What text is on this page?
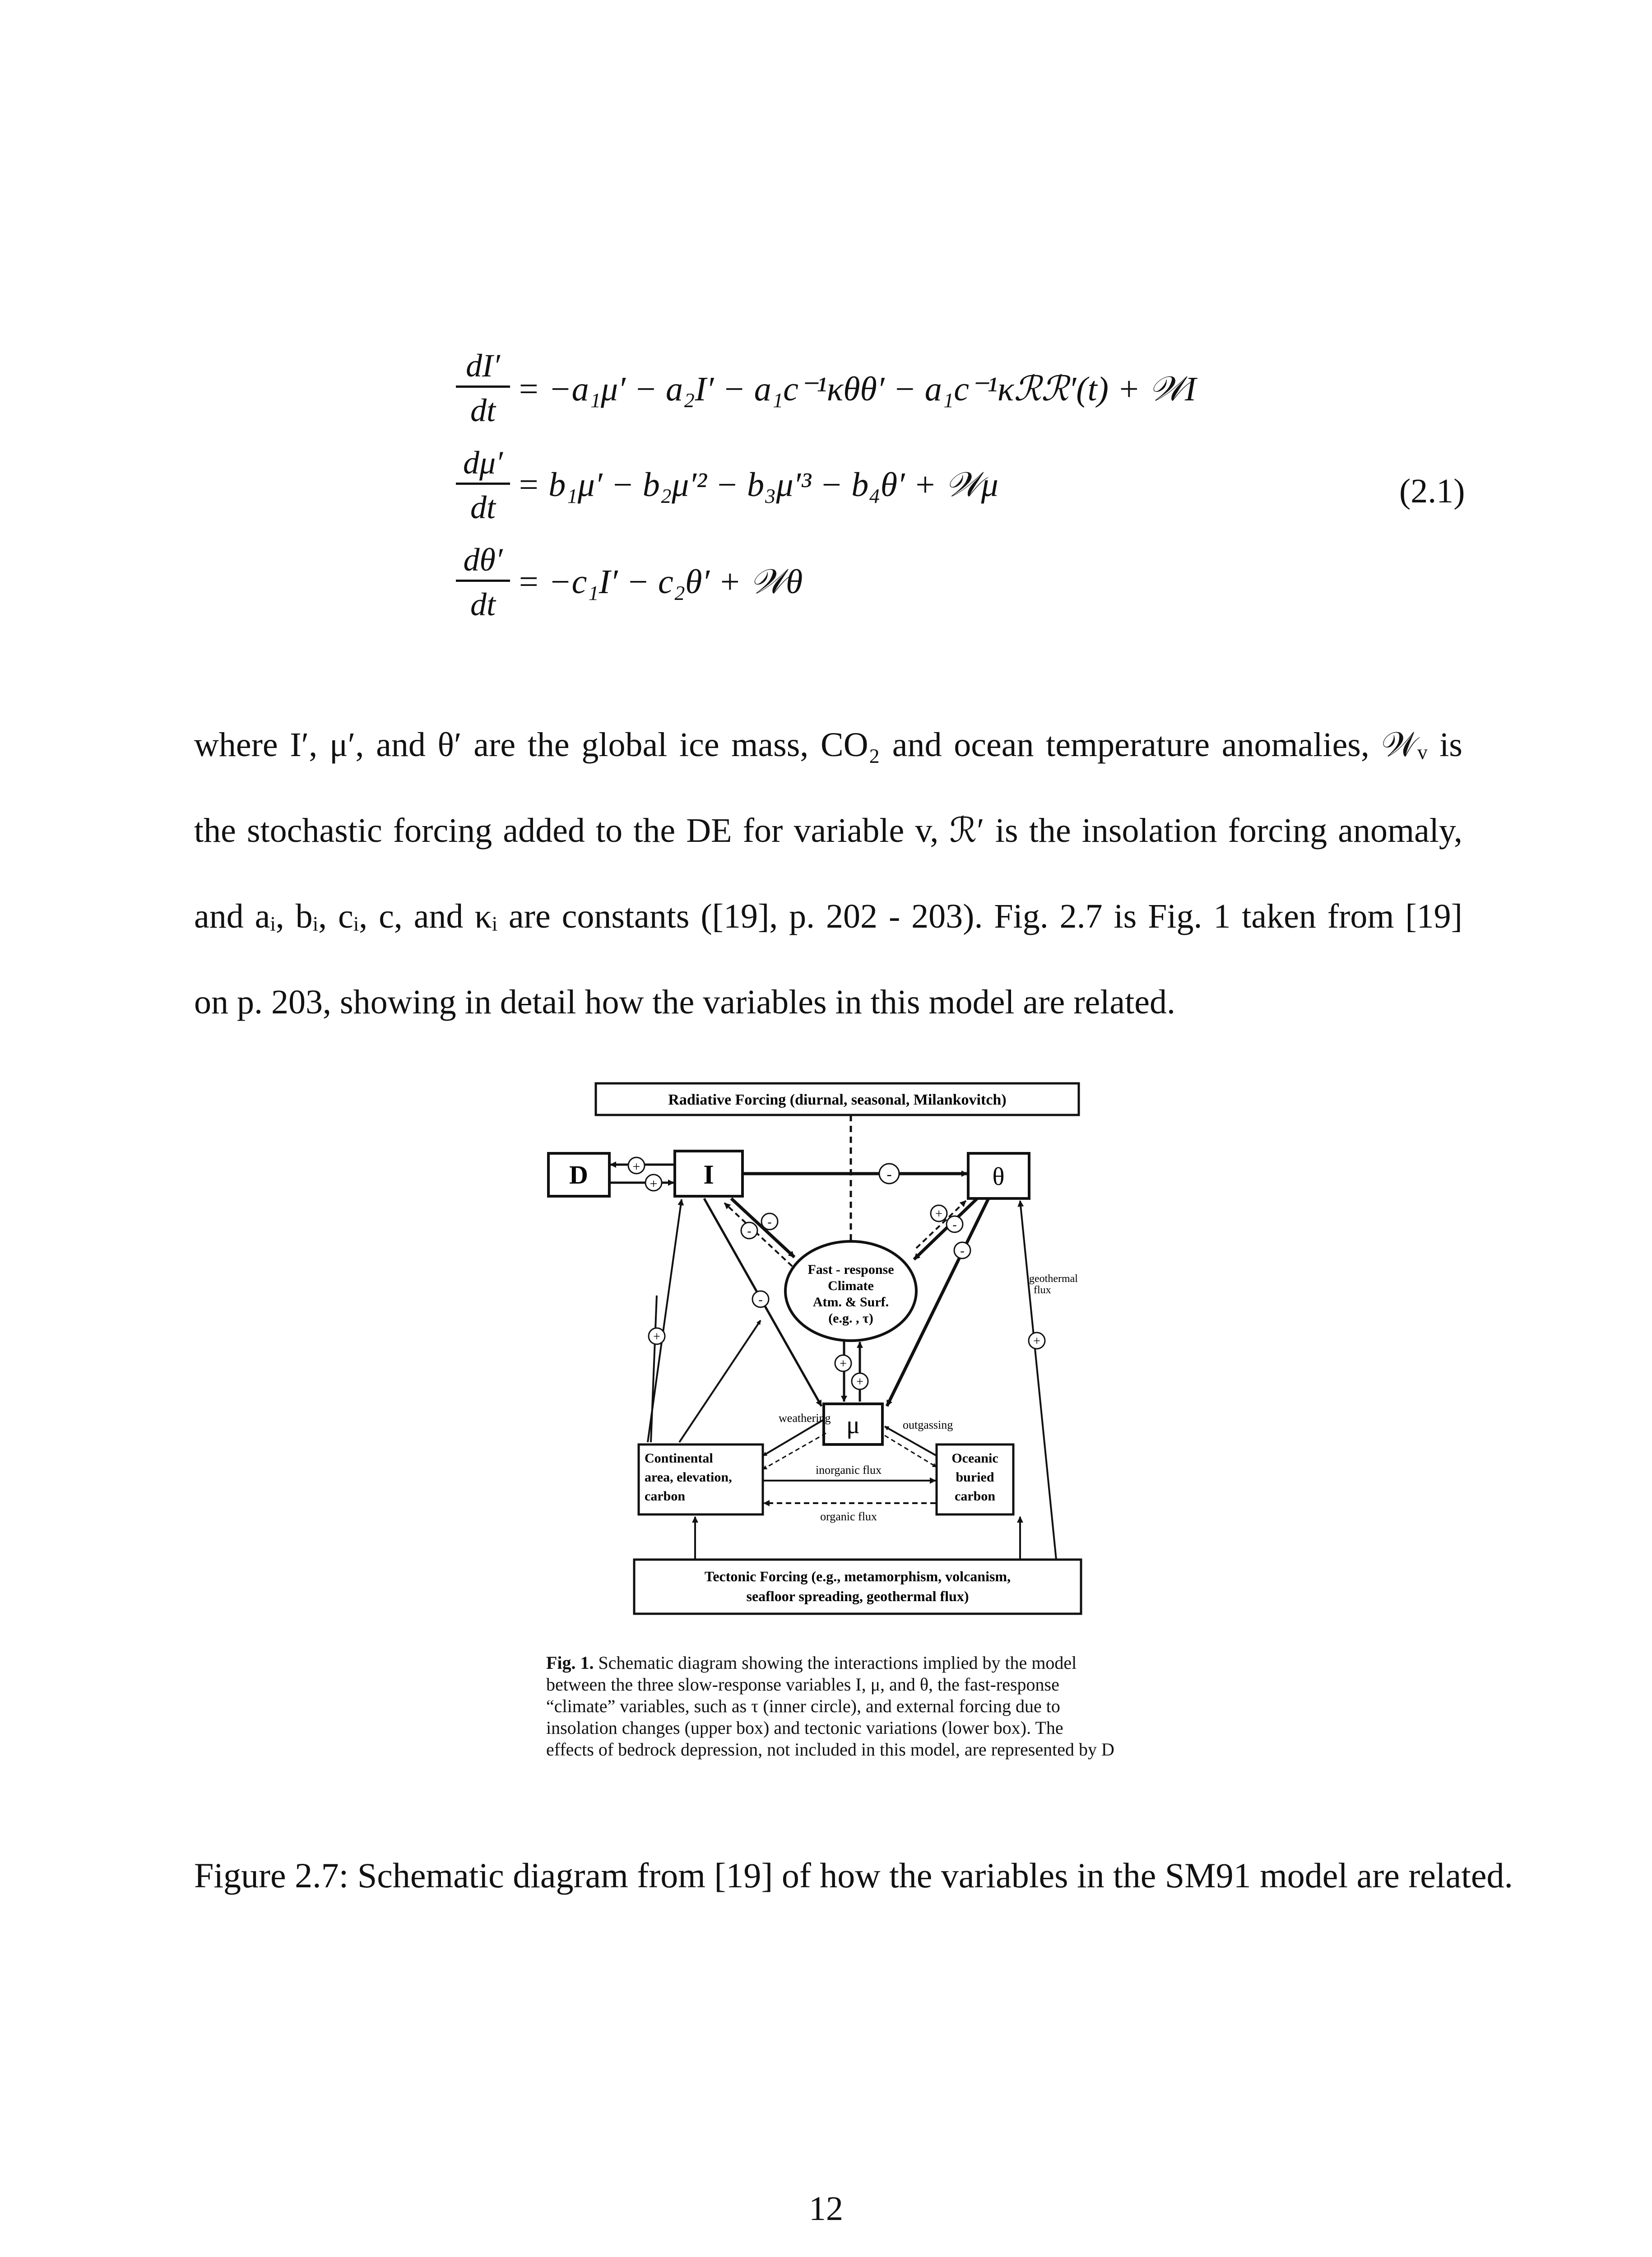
$\frac{dI'}{dt} = -a_1\mu' - a_2I' - a_1c^{-1}\kappa\theta\theta'$ − a₁c⁻¹κℛℛ′(t) + 𝒲I
$\frac{d\mu'}{dt} = b_1\mu' - b_2\mu'^2 - b_3\mu'^3 - b_4\theta'$ + 𝒲μ
$\frac{d\theta'}{dt} = -c_1I' - c_2\theta'$ + 𝒲θ
(2.1)
where I′, μ′, and θ′ are the global ice mass, CO₂ and ocean temperature anomalies, 𝒲ᵥ is
the stochastic forcing added to the DE for variable v, ℛ′ is the insolation forcing anomaly,
and aᵢ, bᵢ, cᵢ, c, and κᵢ are constants ([19], p. 202 - 203). Fig. 2.7 is Fig. 1 taken from [19]
on p. 203, showing in detail how the variables in this model are related.
Radiative Forcing (diurnal, seasonal, Milankovitch)
D	I	θ
+
+
-
Fast - response
Climate
Atm. & Surf.
(e.g. , τ)
-
-
+
-
+
+
μ
-
-
+	+
geothermal
flux
weathering
outgassing
Continental
area, elevation,
carbon
Oceanic
buried
carbon
inorganic flux
organic flux
Tectonic Forcing (e.g., metamorphism, volcanism,
seafloor spreading, geothermal flux)
Fig. 1. Schematic diagram showing the interactions implied by the model between the three slow-response variables I, μ, and θ, the fast-response “climate” variables, such as τ (inner circle), and external forcing due to insolation changes (upper box) and tectonic variations (lower box). The effects of bedrock depression, not included in this model, are represented by D
Figure 2.7: Schematic diagram from [19] of how the variables in the SM91 model are related.
12
